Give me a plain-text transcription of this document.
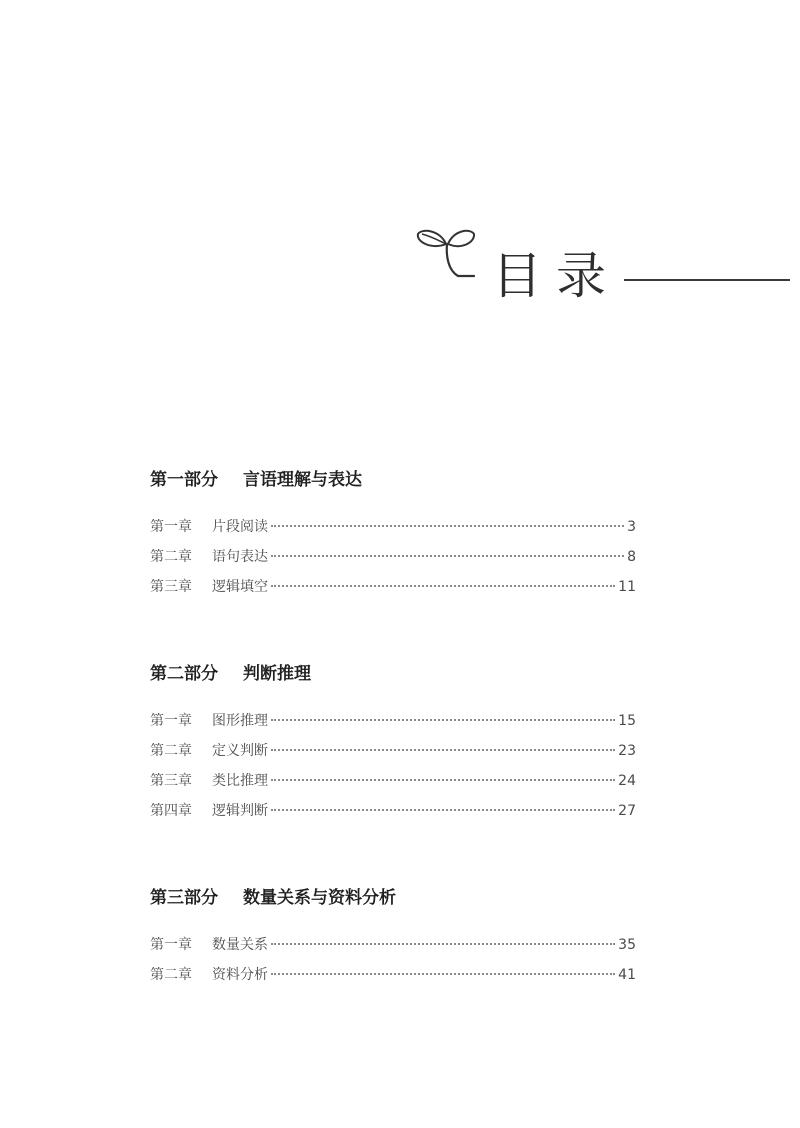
目录
第一部分 言语理解与表达
第一章	片段阅读	3
第二章	语句表达	8
第三章	逻辑填空	11
第二部分 判断推理
第一章	图形推理	15
第二章	定义判断	23
第三章	类比推理	24
第四章	逻辑判断	27
第三部分 数量关系与资料分析
第一章	数量关系	35
第二章	资料分析	41
